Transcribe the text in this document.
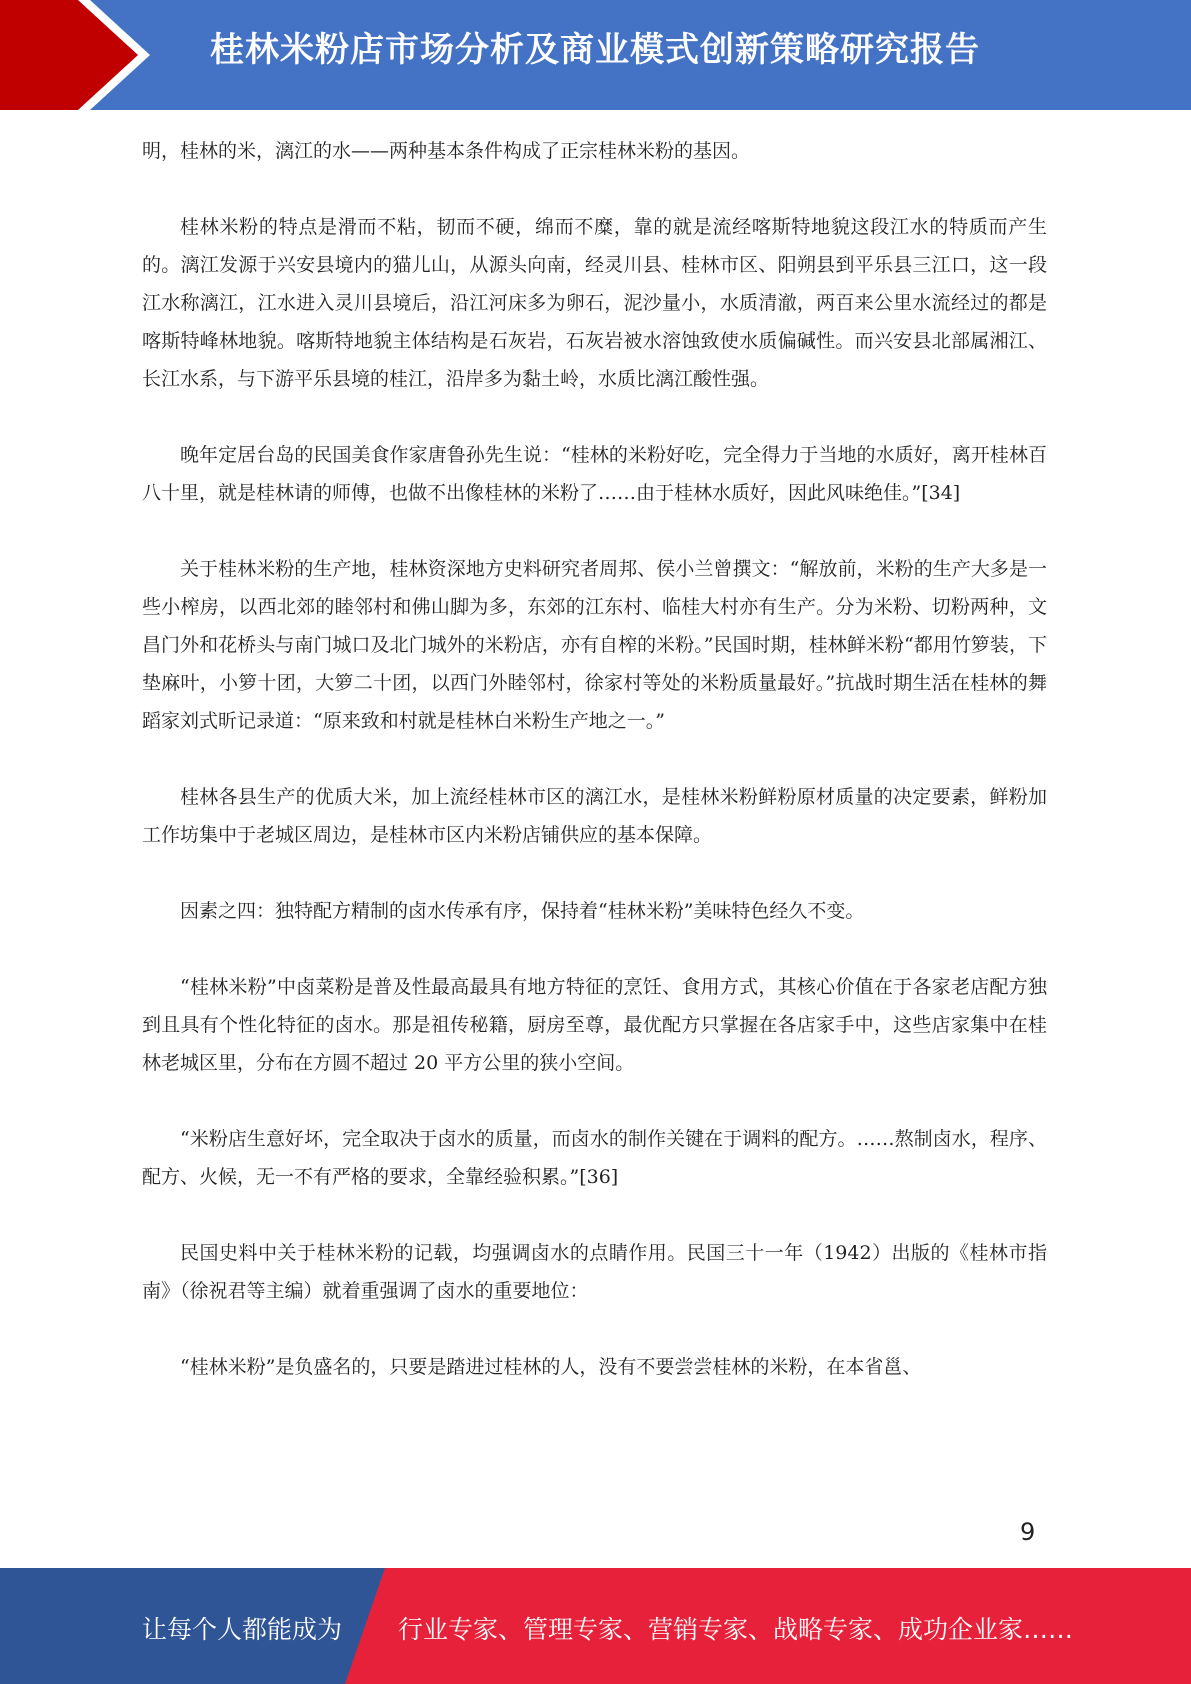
桂林米粉店市场分析及商业模式创新策略研究报告

明，桂林的米，漓江的水——两种基本条件构成了正宗桂林米粉的基因。

桂林米粉的特点是滑而不粘，韧而不硬，绵而不糜，靠的就是流经喀斯特地貌这段江水的特质而产生的。漓江发源于兴安县境内的猫儿山，从源头向南，经灵川县、桂林市区、阳朔县到平乐县三江口，这一段江水称漓江，江水进入灵川县境后，沿江河床多为卵石，泥沙量小，水质清澈，两百来公里水流经过的都是喀斯特峰林地貌。喀斯特地貌主体结构是石灰岩，石灰岩被水溶蚀致使水质偏碱性。而兴安县北部属湘江、长江水系，与下游平乐县境的桂江，沿岸多为黏土岭，水质比漓江酸性强。

晚年定居台岛的民国美食作家唐鲁孙先生说：“桂林的米粉好吃，完全得力于当地的水质好，离开桂林百八十里，就是桂林请的师傅，也做不出像桂林的米粉了……由于桂林水质好，因此风味绝佳。”[34]

关于桂林米粉的生产地，桂林资深地方史料研究者周邦、侯小兰曾撰文：“解放前，米粉的生产大多是一些小榨房，以西北郊的睦邻村和佛山脚为多，东郊的江东村、临桂大村亦有生产。分为米粉、切粉两种，文昌门外和花桥头与南门城口及北门城外的米粉店，亦有自榨的米粉。”民国时期，桂林鲜米粉“都用竹箩装，下垫麻叶，小箩十团，大箩二十团，以西门外睦邻村，徐家村等处的米粉质量最好。”抗战时期生活在桂林的舞蹈家刘式昕记录道：“原来致和村就是桂林白米粉生产地之一。”

桂林各县生产的优质大米，加上流经桂林市区的漓江水，是桂林米粉鲜粉原材质量的决定要素，鲜粉加工作坊集中于老城区周边，是桂林市区内米粉店铺供应的基本保障。

因素之四：独特配方精制的卤水传承有序，保持着“桂林米粉”美味特色经久不变。

“桂林米粉”中卤菜粉是普及性最高最具有地方特征的烹饪、食用方式，其核心价值在于各家老店配方独到且具有个性化特征的卤水。那是祖传秘籍，厨房至尊，最优配方只掌握在各店家手中，这些店家集中在桂林老城区里，分布在方圆不超过 20 平方公里的狭小空间。

“米粉店生意好坏，完全取决于卤水的质量，而卤水的制作关键在于调料的配方。……熬制卤水，程序、配方、火候，无一不有严格的要求，全靠经验积累。”[36]

民国史料中关于桂林米粉的记载，均强调卤水的点睛作用。民国三十一年（1942）出版的《桂林市指南》（徐祝君等主编）就着重强调了卤水的重要地位：

“桂林米粉”是负盛名的，只要是踏进过桂林的人，没有不要尝尝桂林的米粉，在本省邕、

9
让每个人都能成为 行业专家、管理专家、营销专家、战略专家、成功企业家……
